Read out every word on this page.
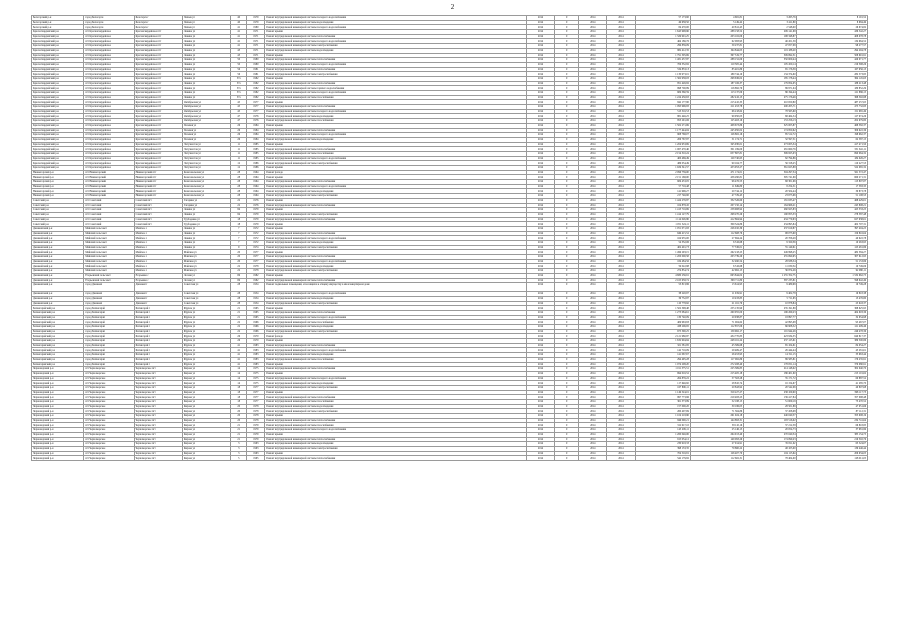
2
Белогорский р-н	город Белогорск	Белогорск г	Чапаев ул	40	1979	Ремонт внутридомовой инженерной системы холодного водоснабжения	2014	0	2014	2014	57 173,90	4 681,81	3 265,76	8 191,52
Белогорский р-н	город Белогорск	Белогорск г	Чапаев ул	40	1979	Ремонт внутридомовой инженерной системы водоотведения	2014	0	2014	2014	49 638,50	5 149,42	3 411,80	8 684,49
Белогорский р-н	город Белогорск	Белогорск г	Чапаев ул	41	1980	Ремонт внутридомовой инженерной системы холодного водоснабжения	2014	0	2014	2014	84 470,00	40 812,45	2 548,00	26 674,82
Красногвардейский р-н	пгт Красногвардейское	Красногвардейское пгт	Ленина ул	41	1971	Ремонт крыши	2014	0	2014	2014	1 645 998,96	288 158,52	209 141,68	436 542,27
Красногвардейский р-н	пгт Красногвардейское	Красногвардейское пгт	Ленина ул	41	1971	Ремонт внутридомовой инженерной системы теплоснабжения	2014	0	2014	2014	1 329 901,25	203 102,06	198 348,87	408 078,78
Красногвардейский р-н	пгт Красногвардейское	Красногвардейское пгт	Ленина ул	41	1971	Ремонт внутридомовой инженерной системы холодного водоснабжения	2014	0	2014	2014	464 186,76	62 083,93	46 451,59	134 964,52
Красногвардейский р-н	пгт Красногвардейское	Красногвардейское пгт	Ленина ул	41	1971	Ремонт внутридомовой инженерной системы электроснабжения	2014	0	2014	2014	299 839,09	59 237,81	47 057,09	98 277,57
Красногвардейский р-н	пгт Красногвардейское	Красногвардейское пгт	Ленина ул	43	1971	Ремонт внутридомовой инженерной системы водоотведения	2014	0	2014	2014	982 412,35	194 844,05	119 188,20	294 294,78
Красногвардейский р-н	пгт Красногвардейское	Красногвардейское пгт	Ленина ул	43	1971	Ремонт крыши	2014	0	2014	2014	1 791 305,69	367 519,77	309 692,31	508 691,91
Красногвардейский р-н	пгт Красногвардейское	Красногвардейское пгт	Ленина ул	50	1980	Ремонт внутридомовой инженерной системы теплоснабжения	2014	0	2014	2014	1 481 457,87	288 152,09	350 609,44	429 071,77
Красногвардейский р-н	пгт Красногвардейское	Красногвардейское пгт	Ленина ул	50	1980	Ремонт внутридомовой инженерной системы холодного водоснабжения	2014	0	2014	2014	706 332,82	110 305,44	105 450,14	219 398,26
Красногвардейский р-н	пгт Красногвардейское	Красногвардейское пгт	Ленина ул	56	1981	Ремонт внутридомовой инженерной системы теплоснабжения	2014	0	2014	2014	534 833,13	85 401,89	65 176,39	167 956,13
Красногвардейский р-н	пгт Красногвардейское	Красногвардейское пгт	Ленина ул	56	1981	Ремонт внутридомовой инженерной системы электроснабжения	2014	0	2014	2014	1 130 973,01	189 744,19	134 374,60	282 573,85
Красногвардейский р-н	пгт Красногвардейское	Красногвардейское пгт	Ленина ул	57а	1982	Ремонт крыши	2014	0	2014	2014	1 362 938,03	298 636,02	185 178,44	364 145,63
Красногвардейский р-н	пгт Красногвардейское	Красногвардейское пгт	Ленина ул	57а	1982	Ремонт внутридомовой инженерной системы теплоснабжения	2014	0	2014	2014	851 426,82	187 106,37	179 854,05	188 213,48
Красногвардейский р-н	пгт Красногвардейское	Красногвардейское пгт	Ленина ул	57а	1982	Ремонт внутридомовой инженерной системы горячего водоснабжения	2014	0	2014	2014	998 700,89	116 892,79	89 971,04	180 852,29
Красногвардейский р-н	пгт Красногвардейское	Красногвардейское пгт	Ленина ул	57а	1982	Ремонт внутридомовой инженерной системы холодного водоснабжения	2014	0	2014	2014	609 360,59	113 137,09	86 194,44	121 886,15
Красногвардейский р-н	пгт Красногвардейское	Красногвардейское пгт	Ленина ул	57а	1982	Ремонт внутридомовой инженерной системы газоснабжения	2014	0	2014	2014	1 224 450,63	282 416,13	275 176,46	368 392,88
Красногвардейский р-н	пгт Красногвардейское	Красногвардейское пгт	Октябрьская ул	45	1977	Ремонт крыши	2014	0	2014	2014	842 177,80	215 410,35	210 650,80	487 257,65
Красногвардейский р-н	пгт Красногвардейское	Красногвардейское пгт	Октябрьская ул	45	1977	Ремонт внутридомовой инженерной системы теплоснабжения	2014	0	2014	2014	1 095 996,83	211 453,78	200 205,71	475 732,83
Красногвардейский р-н	пгт Красногвардейское	Красногвардейское пгт	Октябрьская ул	45	1977	Ремонт внутридомовой инженерной системы холодного водоснабжения	2014	0	2014	2014	513 316,53	66 218,62	78 565,60	151 965,49
Красногвардейский р-н	пгт Красногвардейское	Красногвардейское пгт	Октябрьская ул	47	1976	Ремонт внутридомовой инженерной системы водоотведения	2014	0	2014	2014	881 446,25	99 950,03	68 464,54	127 974,26
Красногвардейский р-н	пгт Красногвардейское	Красногвардейское пгт	Октябрьская ул	47	1976	Ремонт внутридомовой инженерной системы газоснабжения	2014	0	2014	2014	853 291,06	125 463,16	153 256,13	202 979,80
Красногвардейский р-н	пгт Красногвардейское	Красногвардейское пгт	Полевая ул	26	1984	Ремонт крыши	2014	0	2014	2014	1 502 271,69	408 673,86	325 005,87	468 382,37
Красногвардейский р-н	пгт Красногвардейское	Красногвардейское пгт	Полевая ул	26	1984	Ремонт внутридомовой инженерной системы теплоснабжения	2014	0	2014	2014	1 177 444,04	245 950,02	174 850,62	306 922,36
Красногвардейский р-н	пгт Красногвардейское	Красногвардейское пгт	Полевая ул	26	1984	Ремонт внутридомовой инженерной системы холодного водоснабжения	2014	0	2014	2014	908 768,07	126 802,16	85 512,72	198 962,37
Красногвардейский р-н	пгт Красногвардейское	Красногвардейское пгт	Полевая ул	26	1984	Ремонт внутридомовой инженерной системы водоотведения	2014	0	2014	2014	206 767,87	51 174,71	32 597,51	62 587,15
Красногвардейский р-н	пгт Красногвардейское	Красногвардейское пгт	Энтузиастов ул	11	1985	Ремонт крыши	2014	0	2014	2014	1 204 953,69	345 930,01	273 005,34	417 471,50
Красногвардейский р-н	пгт Красногвардейское	Красногвардейское пгт	Энтузиастов ул	11	1985	Ремонт внутридомовой инженерной системы теплоснабжения	2014	0	2014	2014	1 067 470,46	301 199,00	281 660,76	351 641,11
Красногвардейский р-н	пгт Красногвардейское	Красногвардейское пгт	Энтузиастов ул	11	1985	Ремонт внутридомовой инженерной системы газоснабжения	2014	0	2014	2014	2 154 310,24	657 867,81	399 825,03	690 064,32
Красногвардейский р-н	пгт Красногвардейское	Красногвардейское пгт	Энтузиастов ул	11	1985	Ремонт внутридомовой инженерной системы холодного водоснабжения	2014	0	2014	2014	400 469,49	129 740,65	82 794,86	184 026,27
Красногвардейский р-н	пгт Красногвардейское	Красногвардейское пгт	Энтузиастов ул	12	1986	Ремонт внутридомовой инженерной системы электроснабжения	2014	0	2014	2014	486 054,49	90 164,77	56 318,25	110 227,53
Красногвардейский р-н	пгт Красногвардейское	Красногвардейское пгт	Энтузиастов ул	12	1986	Ремонт крыши	2014	0	2014	2014	1 929 341,57	453 953,27	361 625,88	522 065,32
Нижнегорский р-н	пгт Нижнегорский	Нижнегорский пгт	Комсомольская ул	28	1964	Ремонт фасада	2014	0	2014	2014	2 096 739,00	471 174,01	304 297,34	561 572,47
Нижнегорский р-н	пгт Нижнегорский	Нижнегорский пгт	Комсомольская ул	28	1964	Ремонт крыши	2014	0	2014	2014	2 151 168,00	456 290,81	395 741,69	660 271,31
Нижнегорский р-н	пгт Нижнегорский	Нижнегорский пгт	Комсомольская ул	28	1964	Ремонт внутридомовой инженерной системы теплоснабжения	2014	0	2014	2014	609 453,05	96 476,53	68 301,96	113 807,87
Нижнегорский р-н	пгт Нижнегорский	Нижнегорский пгт	Комсомольская ул	28	1964	Ремонт внутридомовой инженерной системы холодного водоснабжения	2014	0	2014	2014	57 716,48	11 649,80	8 254,51	17 583,35
Нижнегорский р-н	пгт Нижнегорский	Нижнегорский пгт	Комсомольская ул	28	1964	Ремонт внутридомовой инженерной системы водоотведения	2014	0	2014	2014	141 996,27	20 744,12	20 504,44	30 873,78
Нижнегорский р-н	пгт Нижнегорский	Нижнегорский пгт	Комсомольская ул	28	1964	Ремонт внутридомовой инженерной системы электроснабжения	2014	0	2014	2014	217 746,90	47 729,45	23 675,96	51 108,53
Советский р-н	пгт Советский	Советский пгт	Гагарина ул	22	1976	Ремонт крыши	2014	0	2014	2014	1 424 276,87	332 526,60	181 635,47	468 429,61
Советский р-н	пгт Советский	Советский пгт	Гагарина ул	22	1976	Ремонт внутридомовой инженерной системы теплоснабжения	2014	0	2014	2014	104 878,45	207 150,14	164 966,21	245 808,21
Советский р-н	пгт Советский	Советский пгт	Ленина ул	84	1979	Ремонт крыши	2014	0	2014	2014	1 413 716,69	258 908,92	260 925,83	425 333,25
Советский р-н	пгт Советский	Советский пгт	Ленина ул	84	1979	Ремонт внутридомовой инженерной системы электроснабжения	2014	0	2014	2014	1 414 127,79	298 270,29	190 855,33	278 387,48
Советский р-н	пгт Советский	Советский пгт	Трубаденко ул	18	1979	Ремонт внутридомовой инженерной системы теплоснабжения	2014	0	2014	2014	1 114 026,86	412 864,94	434 779,63	627 938,61
Советский р-н	пгт Советский	Советский пгт	Трубаденко ул	18	1979	Ремонт крыши	2014	0	2014	2014	1 051 524,11	309 524,86	234 895,84	402 707,31
Джанкойский р-н	Майский сельсовет	Майское с	Ленина ул	7	1972	Ремонт крыши	2014	0	2014	2014	1 051 071,93	226 010,39	237 619,87	397 404,25
Джанкойский р-н	Майский сельсовет	Майское с	Ленина ул	7	1972	Ремонт внутридомовой инженерной системы теплоснабжения	2014	0	2014	2014	649 415,52	112 608,76	98 073,90	159 816,64
Джанкойский р-н	Майский сельсовет	Майское с	Ленина ул	7	1972	Ремонт внутридомовой инженерной системы холодного водоснабжения	2014	0	2014	2014	164 955,00	27 694,24	20 706,29	40 922,78
Джанкойский р-н	Майский сельсовет	Майское с	Ленина ул	7	1972	Ремонт внутридомовой инженерной системы водоотведения	2014	0	2014	2014	54 332,06	6 516,68	9 320,36	10 263,95
Джанкойский р-н	Майский сельсовет	Майское с	Ленина ул	9	1974	Ремонт внутридомовой инженерной системы электроснабжения	2014	0	2014	2014	402 401,73	77 536,01	55 149,61	125 481,86
Джанкойский р-н	Майский сельсовет	Майское с	Майская ул	20	1977	Ремонт крыши	2014	0	2014	2014	1 499 293,15	262 218,25	249 998,25	482 384,27
Джанкойский р-н	Майский сельсовет	Майское с	Майская ул	20	1977	Ремонт внутридомовой инженерной системы теплоснабжения	2014	0	2014	2014	1 200 000,58	203 739,29	255 690,95	307 612,95
Джанкойский р-н	Майский сельсовет	Майское с	Майская ул	20	1977	Ремонт внутридомовой инженерной системы холодного водоснабжения	2014	0	2014	2014	184 484,56	32 490,54	28 938,54	51 153,86
Джанкойский р-н	Майский сельсовет	Майское с	Майская ул	22	1978	Ремонт внутридомовой инженерной системы водоотведения	2014	0	2014	2014	59 022,88	6 516,68	11 030,34	10 749,06
Джанкойский р-н	Майский сельсовет	Майское с	Майская ул	22	1978	Ремонт внутридомовой инженерной системы электроснабжения	2014	0	2014	2014	274 854,74	42 962,15	36 874,26	92 980,11
Джанкойский р-н	Егорьевский сельсовет	Егорьевка с	Лесная ул	69	1982	Ремонт крыши	2014	0	2014	2014	4 680 236,91	663 844,02	1 255 352,75	1 532 662,75
Джанкойский р-н	Егорьевский сельсовет	Егорьевка с	Лесная ул	69	1982	Ремонт внутридомовой инженерной системы теплоснабжения	2014	0	2014	2014	2 165 658,74	309 711,80	387 235,81	598 642,49
Джанкойский р-н	город Джанкой	Джанкой г	Советская ул	28	1954	Ремонт подвальных помещений, относящихся к общему имуществу в многоквартирном доме	2014	0	2014	2014	53 813,86	13 614,95	9 489,99	19 749,28
Джанкойский р-н	город Джанкой	Джанкой г	Советская ул	28	1954	Ремонт внутридомовой инженерной системы холодного водоснабжения	2014	0	2014	2014	38 220,97	11 919,91	9 402,78	19 818,38
Джанкойский р-н	город Джанкой	Джанкой г	Советская ул	28	1954	Ремонт внутридомовой инженерной системы водоотведения	2014	0	2014	2014	36 752,87	10 433,85	5 711,63	13 476,80
Джанкойский р-н	город Джанкой	Джанкой г	Советская ул	28	1954	Ремонт внутридомовой инженерной системы электроснабжения	2014	0	2014	2014	110 778,92	21 161,79	10 878,84	25 943,37
Бахчисарайский р-н	город Бахчисарай	Бахчисарай г	Фрунзе ул	21	1965	Ремонт крыши	2014	0	2014	2014	1 502 398,48	255 135,90	235 191,89	368 625,95
Бахчисарайский р-н	город Бахчисарай	Бахчисарай г	Фрунзе ул	21	1965	Ремонт внутридомовой инженерной системы теплоснабжения	2014	0	2014	2014	1 273 084,61	260 955,00	196 269,23	404 603,36
Бахчисарайский р-н	город Бахчисарай	Бахчисарай г	Фрунзе ул	21	1965	Ремонт внутридомовой инженерной системы холодного водоснабжения	2014	0	2014	2014	130 740,09	20 938,87	18 897,77	32 654,98
Бахчисарайский р-н	город Бахчисарай	Бахчисарай г	Фрунзе ул	22	1966	Ремонт внутридомовой инженерной системы газоснабжения	2014	0	2014	2014	409 963,83	71 004,62	42 895,08	95 467,07
Бахчисарайский р-н	город Бахчисарай	Бахчисарай г	Фрунзе ул	22	1966	Ремонт внутридомовой инженерной системы водоотведения	2014	0	2014	2014	438 206,95	112 857,06	66 908,52	121 409,46
Бахчисарайский р-н	город Бахчисарай	Бахчисарай г	Фрунзе ул	22	1966	Ремонт внутридомовой инженерной системы электроснабжения	2014	0	2014	2014	675 390,25	159 962,17	101 944,26	249 478,36
Бахчисарайский р-н	город Бахчисарай	Бахчисарай г	Фрунзе ул	26	1970	Ремонт фасада	2014	0	2014	2014	2 121 980,87	434 770,83	423 934,35	640 817,37
Бахчисарайский р-н	город Бахчисарай	Бахчисарай г	Фрунзе ул	26	1970	Ремонт крыши	2014	0	2014	2014	1 632 904,94	248 161,24	237 125,61	389 300,86
Бахчисарайский р-н	город Бахчисарай	Бахчисарай г	Фрунзе ул	41	1983	Ремонт внутридомовой инженерной системы теплоснабжения	2014	0	2014	2014	321 581,85	45 569,68	65 104,61	84 054,27
Бахчисарайский р-н	город Бахчисарай	Бахчисарай г	Фрунзе ул	41	1983	Ремонт внутридомовой инженерной системы холодного водоснабжения	2014	0	2014	2014	142 716,09	29 469,47	26 444,44	43 281,61
Бахчисарайский р-н	город Бахчисарай	Бахчисарай г	Фрунзе ул	41	1983	Ремонт внутридомовой инженерной системы водоотведения	2014	0	2014	2014	141 067,67	26 453,95	14 311,13	33 963,44
Бахчисарайский р-н	город Бахчисарай	Бахчисарай г	Фрунзе ул	41	1983	Ремонт внутридомовой инженерной системы газоснабжения	2014	0	2014	2014	294 495,28	117 062,89	89 585,81	176 235,91
Бахчисарайский р-н	город Бахчисарай	Бахчисарай г	Фрунзе ул	41	1983	Ремонт крыши	2014	0	2014	2014	1 074 208,20	272 208,40	178 051,14	379 080,91
Черноморский р-н	пгт Черноморское	Черноморское пгт	Кирова ул	14	1975	Ремонт внутридомовой инженерной системы теплоснабжения	2014	0	2014	2014	1 011 375,51	225 369,85	214 148,02	302 040,70
Черноморский р-н	пгт Черноморское	Черноморское пгт	Кирова ул	14	1975	Ремонт крыши	2014	0	2014	2014	694 016,52	215 405,18	186 401,60	215 101,62
Черноморский р-н	пгт Черноморское	Черноморское пгт	Кирова ул	14	1975	Ремонт внутридомовой инженерной системы холодного водоснабжения	2014	0	2014	2014	264 876,22	57 563,28	35 171,72	60 887,52
Черноморский р-н	пгт Черноморское	Черноморское пгт	Кирова ул	14	1975	Ремонт внутридомовой инженерной системы водоотведения	2014	0	2014	2014	117 646,82	28 810,74	16 154,67	41 285,70
Черноморский р-н	пгт Черноморское	Черноморское пгт	Кирова ул	18	1977	Ремонт внутридомовой инженерной системы электроснабжения	2014	0	2014	2014	167 806,11	20 843,92	20 542,06	40 807,68
Черноморский р-н	пгт Черноморское	Черноморское пгт	Кирова ул	18	1977	Ремонт крыши	2014	0	2014	2014	1 149 524,01	319 227,27	238 109,90	398 117,73
Черноморский р-н	пгт Черноморское	Черноморское пгт	Кирова ул	18	1977	Ремонт внутридомовой инженерной системы теплоснабжения	2014	0	2014	2014	997 773,96	219 483,23	139 417,84	357 098,48
Черноморский р-н	пгт Черноморское	Черноморское пгт	Кирова ул	18	1977	Ремонт внутридомовой инженерной системы газоснабжения	2014	0	2014	2014	361 373,89	52 188,15	51 609,19	73 470,52
Черноморский р-н	пгт Черноморское	Черноморское пгт	Кирова ул	20	1978	Ремонт внутридомовой инженерной системы водоотведения	2014	0	2014	2014	157 000,20	30 186,05	28 501,89	47 051,66
Черноморский р-н	пгт Черноморское	Черноморское пгт	Кирова ул	20	1978	Ремонт внутридомовой инженерной системы электроснабжения	2014	0	2014	2014	260 407,69	71 364,86	37 458,08	87 112,31
Черноморский р-н	пгт Черноморское	Черноморское пгт	Кирова ул	20	1978	Ремонт крыши	2014	0	2014	2014	1 104 218,96	261 924,18	246 040,57	353 908,19
Черноморский р-н	пгт Черноморское	Черноморское пгт	Кирова ул	20	1978	Ремонт внутридомовой инженерной системы теплоснабжения	2014	0	2014	2014	846 090,21	144 893,31	193 516,02	234 741,64
Черноморский р-н	пгт Черноморское	Черноморское пгт	Кирова ул	21	1979	Ремонт внутридомовой инженерной системы газоснабжения	2014	0	2014	2014	312 617,10	58 110,16	37 212,58	66 818,85
Черноморский р-н	пгт Черноморское	Черноморское пгт	Кирова ул	21	1979	Ремонт внутридомовой инженерной системы холодного водоснабжения	2014	0	2014	2014	145 209,11	25 146,13	20 054,73	37 981,99
Черноморский р-н	пгт Черноморское	Черноморское пгт	Кирова ул	21	1979	Ремонт крыши	2014	0	2014	2014	1 260 046,06	264 913,40	270 040,34	385 154,75
Черноморский р-н	пгт Черноморское	Черноморское пгт	Кирова ул	21	1979	Ремонт внутридомовой инженерной системы теплоснабжения	2014	0	2014	2014	915 054,12	149 093,29	174 099,23	219 302,76
Черноморский р-н	пгт Черноморское	Черноморское пгт	Кирова ул	3	1963	Ремонт внутридомовой инженерной системы водоотведения	2014	0	2014	2014	230 918,33	27 914,91	35 811,02	63 524,67
Черноморский р-н	пгт Черноморское	Черноморское пгт	Кирова ул	3	1963	Ремонт внутридомовой инженерной системы электроснабжения	2014	0	2014	2014	398 133,35	79 860,22	48 103,00	139 446,44
Черноморский р-н	пгт Черноморское	Черноморское пгт	Кирова ул	3	1963	Ремонт крыши	2014	0	2014	2014	704 516,81	126 407,70	104 115,64	206 934,05
Черноморский р-н	пгт Черноморское	Черноморское пгт	Кирова ул	5	1965	Ремонт внутридомовой инженерной системы теплоснабжения	2014	0	2014	2014	542 179,82	112 602,31	78 404,00	128 911,05
